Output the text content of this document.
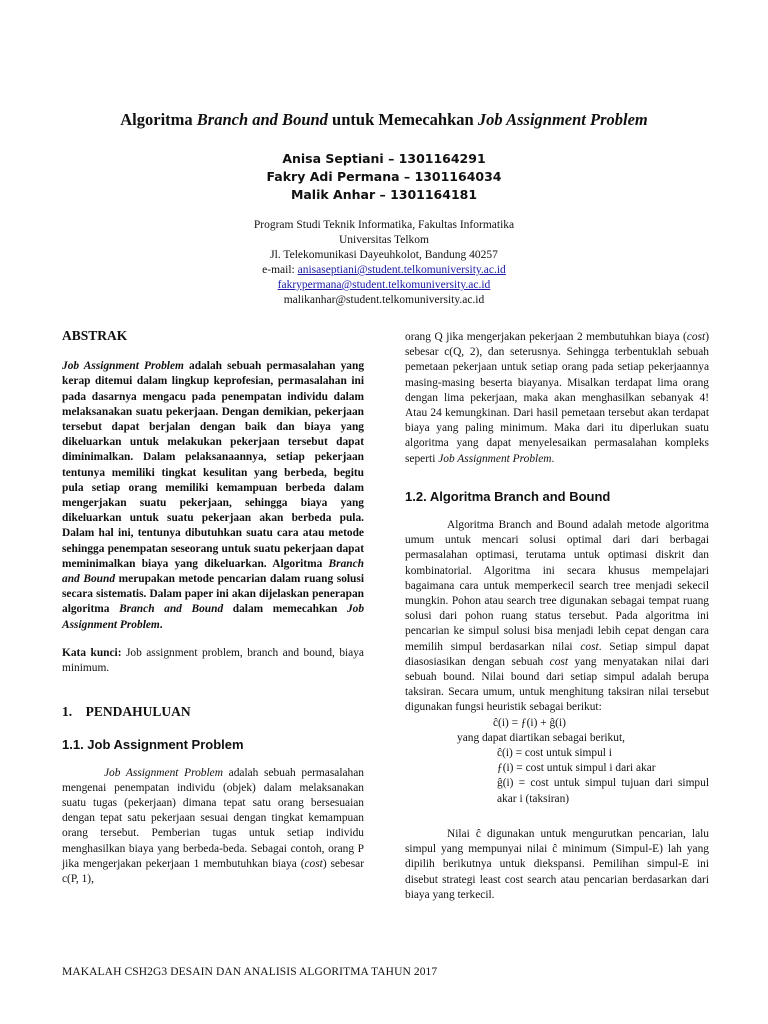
Algoritma Branch and Bound untuk Memecahkan Job Assignment Problem
Anisa Septiani – 1301164291
Fakry Adi Permana – 1301164034
Malik Anhar – 1301164181
Program Studi Teknik Informatika, Fakultas Informatika
Universitas Telkom
Jl. Telekomunikasi Dayeuhkolot, Bandung 40257
e-mail: anisaseptiani@student.telkomuniversity.ac.id
fakrypermana@student.telkomuniversity.ac.id
malikanhar@student.telkomuniversity.ac.id
ABSTRAK

Job Assignment Problem adalah sebuah permasalahan yang kerap ditemui dalam lingkup keprofesian, permasalahan ini pada dasarnya mengacu pada penempatan individu dalam melaksanakan suatu pekerjaan. Dengan demikian, pekerjaan tersebut dapat berjalan dengan baik dan biaya yang dikeluarkan untuk melakukan pekerjaan tersebut dapat diminimalkan. Dalam pelaksanaannya, setiap pekerjaan tentunya memiliki tingkat kesulitan yang berbeda, begitu pula setiap orang memiliki kemampuan berbeda dalam mengerjakan suatu pekerjaan, sehingga biaya yang dikeluarkan untuk suatu pekerjaan akan berbeda pula. Dalam hal ini, tentunya dibutuhkan suatu cara atau metode sehingga penempatan seseorang untuk suatu pekerjaan dapat meminimalkan biaya yang dikeluarkan. Algoritma Branch and Bound merupakan metode pencarian dalam ruang solusi secara sistematis. Dalam paper ini akan dijelaskan penerapan algoritma Branch and Bound dalam memecahkan Job Assignment Problem.

Kata kunci: Job assignment problem, branch and bound, biaya minimum.

1.    PENDAHULUAN
1.1. Job Assignment Problem

Job Assignment Problem adalah sebuah permasalahan mengenai penempatan individu (objek) dalam melaksanakan suatu tugas (pekerjaan) dimana tepat satu orang bersesuaian dengan tepat satu pekerjaan sesuai dengan tingkat kemampuan orang tersebut. Pemberian tugas untuk setiap individu menghasilkan biaya yang berbeda-beda. Sebagai contoh, orang P jika mengerjakan pekerjaan 1 membutuhkan biaya (cost) sebesar c(P, 1),

orang Q jika mengerjakan pekerjaan 2 membutuhkan biaya (cost) sebesar c(Q, 2), dan seterusnya. Sehingga terbentuklah sebuah pemetaan pekerjaan untuk setiap orang pada setiap pekerjaannya masing-masing beserta biayanya. Misalkan terdapat lima orang dengan lima pekerjaan, maka akan menghasilkan sebanyak 4! Atau 24 kemungkinan. Dari hasil pemetaan tersebut akan terdapat biaya yang paling minimum. Maka dari itu diperlukan suatu algoritma yang dapat menyelesaikan permasalahan kompleks seperti Job Assignment Problem.

1.2. Algoritma Branch and Bound

Algoritma Branch and Bound adalah metode algoritma umum untuk mencari solusi optimal dari dari berbagai permasalahan optimasi, terutama untuk optimasi diskrit dan kombinatorial. Algoritma ini secara khusus mempelajari bagaimana cara untuk memperkecil search tree menjadi sekecil mungkin. Pohon atau search tree digunakan sebagai tempat ruang solusi dari pohon ruang status tersebut. Pada algoritma ini pencarian ke simpul solusi bisa menjadi lebih cepat dengan cara memilih simpul berdasarkan nilai cost. Setiap simpul dapat diasosiasikan dengan sebuah cost yang menyatakan nilai dari sebuah bound. Nilai bound dari setiap simpul adalah berupa taksiran. Secara umum, untuk menghitung taksiran nilai tersebut digunakan fungsi heuristik sebagai berikut:

ĉ(i) = ƒ(i) + ĝ(i)
yang dapat diartikan sebagai berikut,
ĉ(i) = cost untuk simpul i
ƒ(i) = cost untuk simpul i dari akar
ĝ(i) = cost untuk simpul tujuan dari simpul akar i (taksiran)

Nilai ĉ digunakan untuk mengurutkan pencarian, lalu simpul yang mempunyai nilai ĉ minimum (Simpul-E) lah yang dipilih berikutnya untuk diekspansi. Pemilihan simpul-E ini disebut strategi least cost search atau pencarian berdasarkan dari biaya yang terkecil.

MAKALAH CSH2G3 DESAIN DAN ANALISIS ALGORITMA TAHUN 2017
